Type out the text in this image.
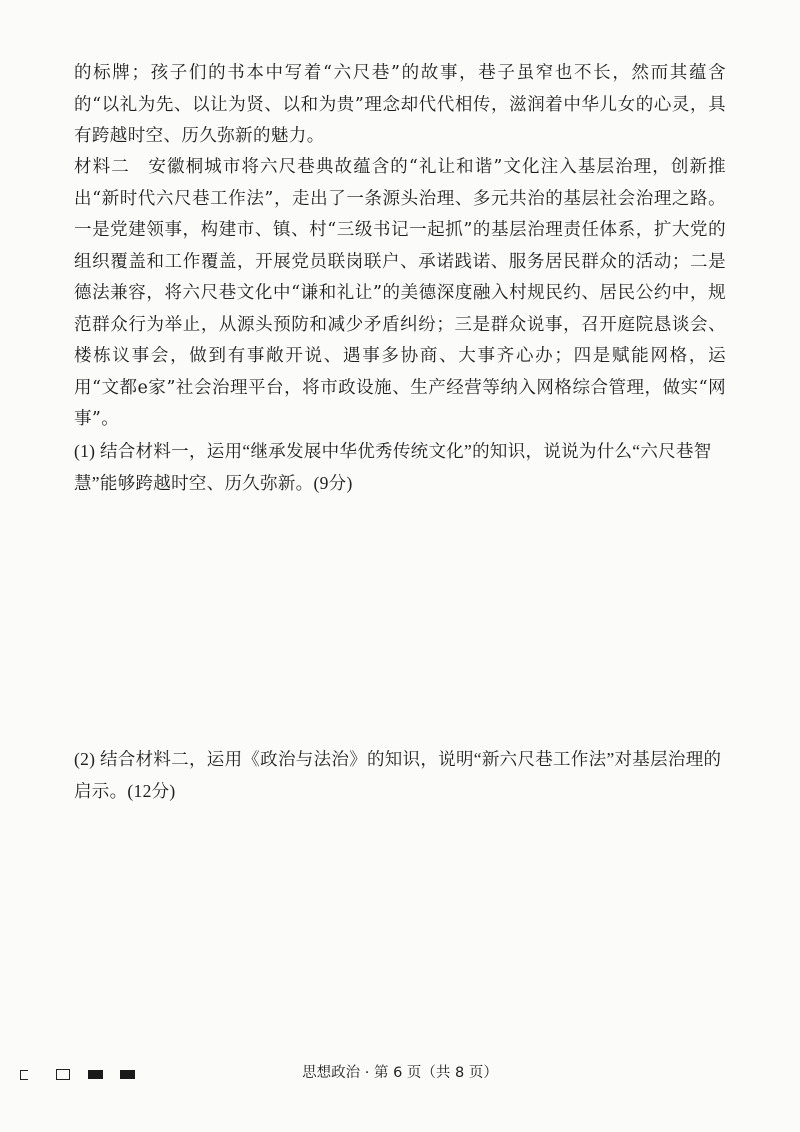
的标牌；孩子们的书本中写着“六尺巷”的故事，巷子虽窄也不长，然而其蕴含的“以礼为先、以让为贤、以和为贵”理念却代代相传，滋润着中华儿女的心灵，具有跨越时空、历久弥新的魅力。

材料二　安徽桐城市将六尺巷典故蕴含的“礼让和谐”文化注入基层治理，创新推出“新时代六尺巷工作法”，走出了一条源头治理、多元共治的基层社会治理之路。一是党建领事，构建市、镇、村“三级书记一起抓”的基层治理责任体系，扩大党的组织覆盖和工作覆盖，开展党员联岗联户、承诺践诺、服务居民群众的活动；二是德法兼容，将六尺巷文化中“谦和礼让”的美德深度融入村规民约、居民公约中，规范群众行为举止，从源头预防和减少矛盾纠纷；三是群众说事，召开庭院恳谈会、楼栋议事会，做到有事敞开说、遇事多协商、大事齐心办；四是赋能网格，运用“文都e家”社会治理平台，将市政设施、生产经营等纳入网格综合管理，做实“网事”。

(1) 结合材料一，运用“继承发展中华优秀传统文化”的知识，说说为什么“六尺巷智慧”能够跨越时空、历久弥新。(9分)

(2) 结合材料二，运用《政治与法治》的知识，说明“新六尺巷工作法”对基层治理的启示。(12分)

思想政治 · 第 6 页（共 8 页）
